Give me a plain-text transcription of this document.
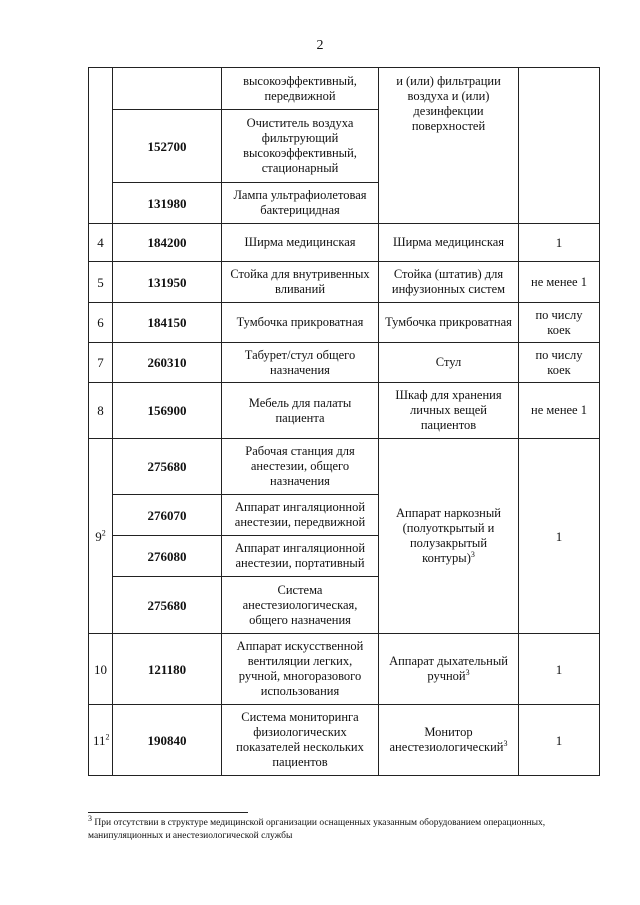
2
		высокоэффективный, передвижной	и (или) фильтрации воздуха и (или) дезинфекции поверхностей	
	152700	Очиститель воздуха фильтрующий высокоэффективный, стационарный		
	131980	Лампа ультрафиолетовая бактерицидная		
4	184200	Ширма медицинская	Ширма медицинская	1
5	131950	Стойка для внутривенных вливаний	Стойка (штатив) для инфузионных систем	не менее 1
6	184150	Тумбочка прикроватная	Тумбочка прикроватная	по числу коек
7	260310	Табурет/стул общего назначения	Стул	по числу коек
8	156900	Мебель для палаты пациента	Шкаф для хранения личных вещей пациентов	не менее 1
$9^2$	275680	Рабочая станция для анестезии, общего назначения	Аппарат наркозный (полуоткрытый и полузакрытый контуры)$^3$	1
	276070	Аппарат ингаляционной анестезии, передвижной		
	276080	Аппарат ингаляционной анестезии, портативный		
	275680	Система анестезиологическая, общего назначения		
10	121180	Аппарат искусственной вентиляции легких, ручной, многоразового использования	Аппарат дыхательный ручной$^3$	1
$11^2$	190840	Система мониторинга физиологических показателей нескольких пациентов	Монитор анестезиологический$^3$	1
$^3$ При отсутствии в структуре медицинской организации оснащенных указанным оборудованием операционных, манипуляционных и анестезиологической службы
